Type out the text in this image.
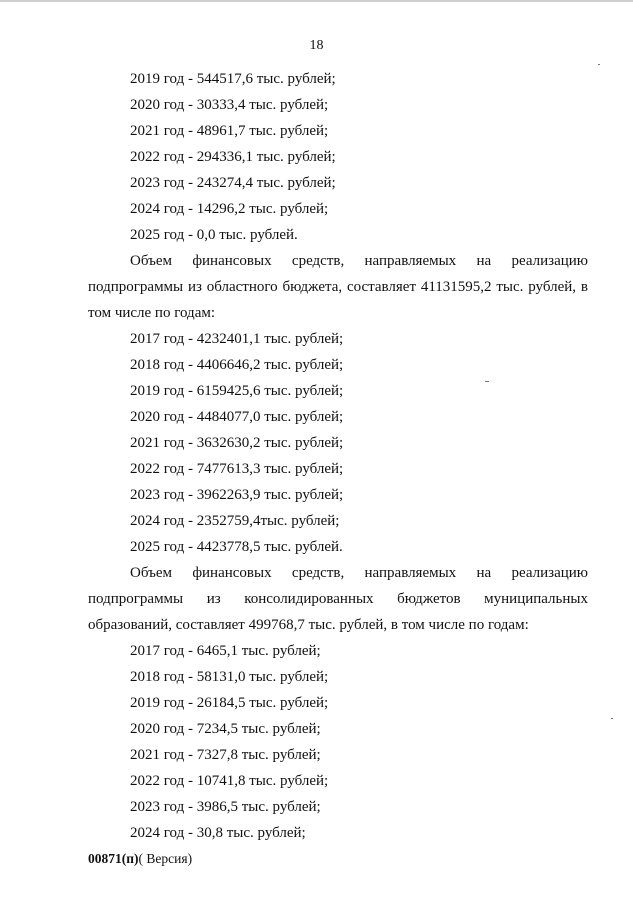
18
2019 год - 544517,6 тыс. рублей;
2020 год - 30333,4 тыс. рублей;
2021 год - 48961,7 тыс. рублей;
2022 год - 294336,1 тыс. рублей;
2023 год - 243274,4 тыс. рублей;
2024 год - 14296,2 тыс. рублей;
2025 год - 0,0 тыс. рублей.
Объем финансовых средств, направляемых на реализацию
подпрограммы из областного бюджета, составляет 41131595,2 тыс. рублей, в
том числе по годам:
2017 год - 4232401,1 тыс. рублей;
2018 год - 4406646,2 тыс. рублей;
2019 год - 6159425,6 тыс. рублей;
2020 год - 4484077,0 тыс. рублей;
2021 год - 3632630,2 тыс. рублей;
2022 год - 7477613,3 тыс. рублей;
2023 год - 3962263,9 тыс. рублей;
2024 год - 2352759,4тыс. рублей;
2025 год - 4423778,5 тыс. рублей.
Объем финансовых средств, направляемых на реализацию
подпрограммы из консолидированных бюджетов муниципальных
образований, составляет 499768,7 тыс. рублей, в том числе по годам:
2017 год - 6465,1 тыс. рублей;
2018 год - 58131,0 тыс. рублей;
2019 год - 26184,5 тыс. рублей;
2020 год - 7234,5 тыс. рублей;
2021 год - 7327,8 тыс. рублей;
2022 год - 10741,8 тыс. рублей;
2023 год - 3986,5 тыс. рублей;
2024 год - 30,8 тыс. рублей;
00871(п)( Версия)
